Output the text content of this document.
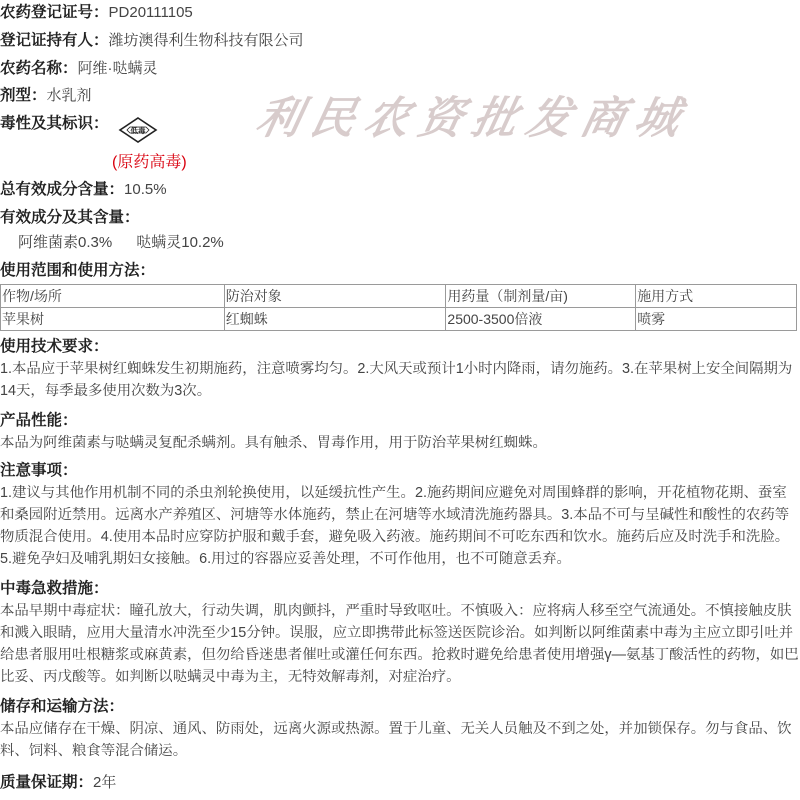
利民农资批发商城
农药登记证号：PD20111105
登记证持有人：潍坊澳得利生物科技有限公司
农药名称：阿维·哒螨灵
剂型：水乳剂
毒性及其标识：	低毒
(原药高毒)
总有效成分含量：10.5%
有效成分及其含量：
阿维菌素0.3% 哒螨灵10.2%
使用范围和使用方法：
作物/场所	防治对象	用药量（制剂量/亩)	施用方式
苹果树	红蜘蛛	2500-3500倍液	喷雾
使用技术要求：
1.本品应于苹果树红蜘蛛发生初期施药，注意喷雾均匀。2.大风天或预计1小时内降雨，请勿施药。3.在苹果树上安全间隔期为14天，每季最多使用次数为3次。
产品性能：
本品为阿维菌素与哒螨灵复配杀螨剂。具有触杀、胃毒作用，用于防治苹果树红蜘蛛。
注意事项：
1.建议与其他作用机制不同的杀虫剂轮换使用，以延缓抗性产生。2.施药期间应避免对周围蜂群的影响，开花植物花期、蚕室和桑园附近禁用。远离水产养殖区、河塘等水体施药，禁止在河塘等水域清洗施药器具。3.本品不可与呈碱性和酸性的农药等物质混合使用。4.使用本品时应穿防护服和戴手套，避免吸入药液。施药期间不可吃东西和饮水。施药后应及时洗手和洗脸。5.避免孕妇及哺乳期妇女接触。6.用过的容器应妥善处理，不可作他用，也不可随意丢弃。
中毒急救措施：
本品早期中毒症状：瞳孔放大，行动失调，肌肉颤抖，严重时导致呕吐。不慎吸入：应将病人移至空气流通处。不慎接触皮肤和溅入眼睛，应用大量清水冲洗至少15分钟。误服，应立即携带此标签送医院诊治。如判断以阿维菌素中毒为主应立即引吐并给患者服用吐根糖浆或麻黄素，但勿给昏迷患者催吐或灌任何东西。抢救时避免给患者使用增强γ—氨基丁酸活性的药物，如巴比妥、丙戊酸等。如判断以哒螨灵中毒为主，无特效解毒剂，对症治疗。
储存和运输方法：
本品应储存在干燥、阴凉、通风、防雨处，远离火源或热源。置于儿童、无关人员触及不到之处，并加锁保存。勿与食品、饮料、饲料、粮食等混合储运。
质量保证期：2年
